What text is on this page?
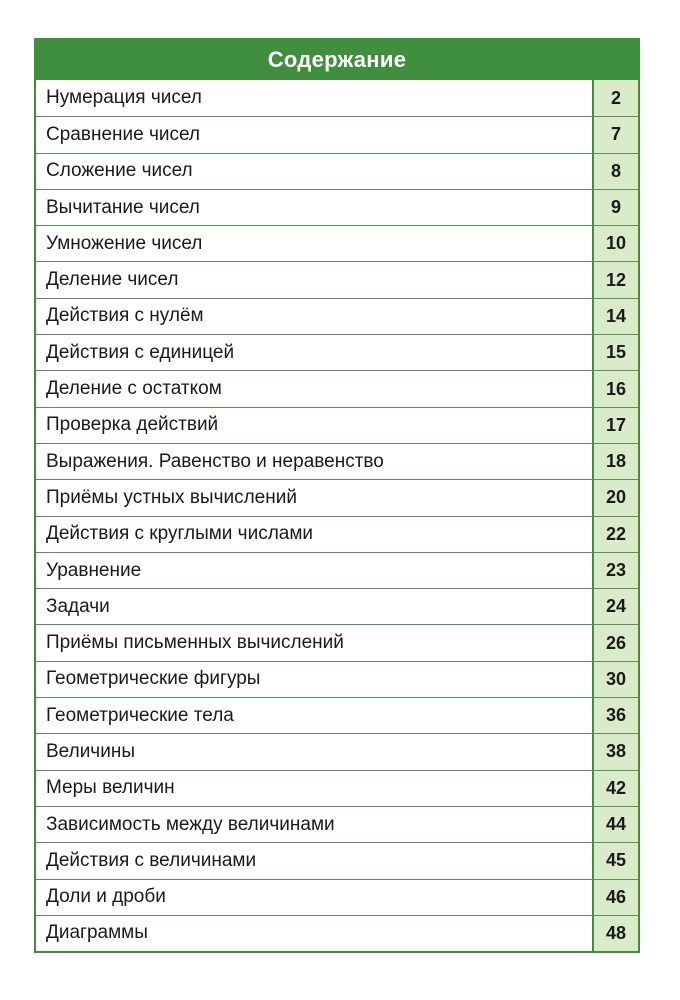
Содержание
Нумерация чисел	2
Сравнение чисел	7
Сложение чисел	8
Вычитание чисел	9
Умножение чисел	10
Деление чисел	12
Действия с нулём	14
Действия с единицей	15
Деление с остатком	16
Проверка действий	17
Выражения. Равенство и неравенство	18
Приёмы устных вычислений	20
Действия с круглыми числами	22
Уравнение	23
Задачи	24
Приёмы письменных вычислений	26
Геометрические фигуры	30
Геометрические тела	36
Величины	38
Меры величин	42
Зависимость между величинами	44
Действия с величинами	45
Доли и дроби	46
Диаграммы	48
